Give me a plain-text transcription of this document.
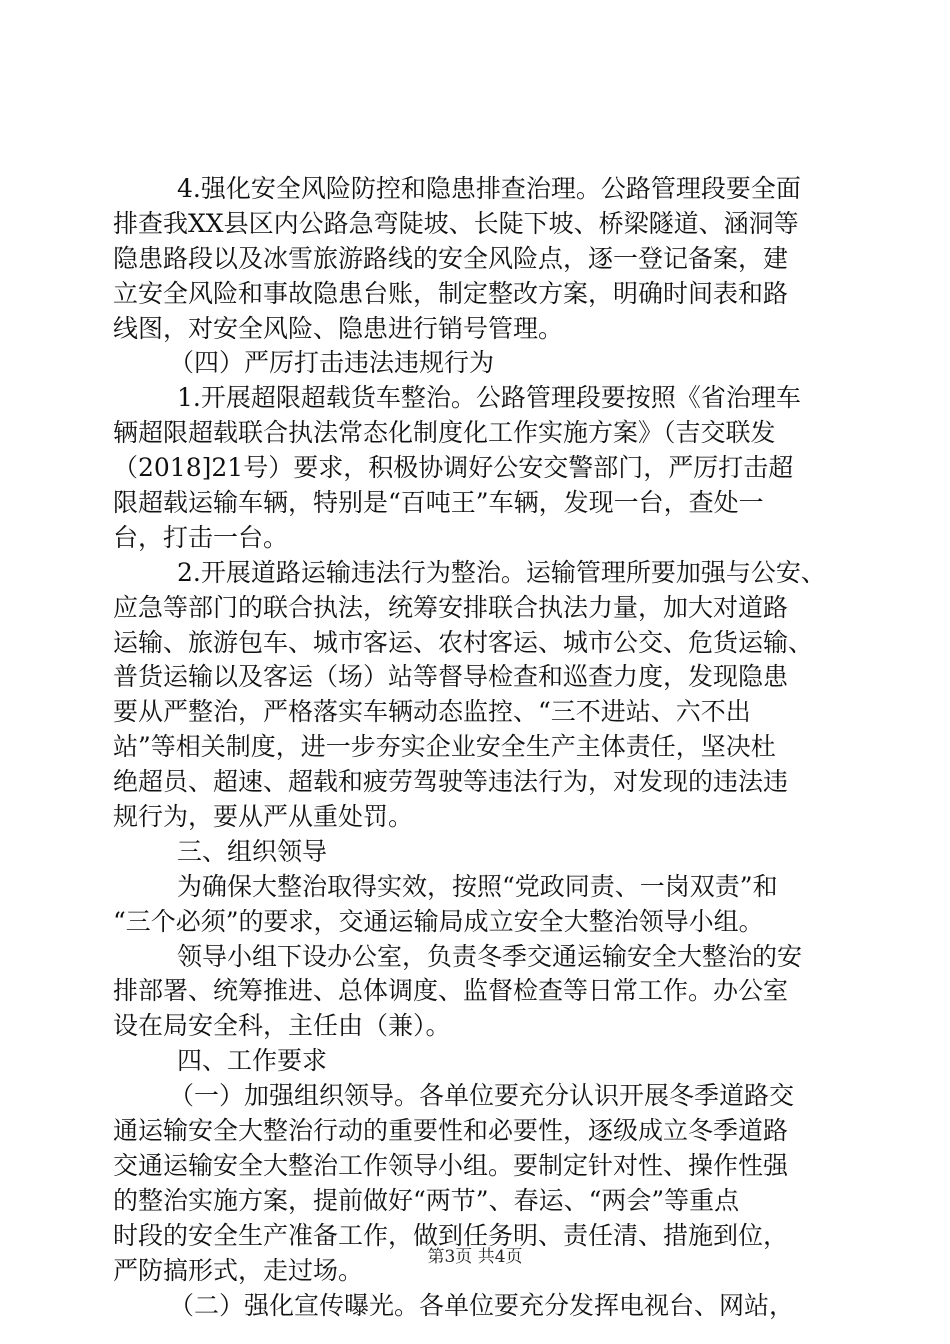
4.强化安全风险防控和隐患排查治理。公路管理段要全面
排查我XX县区内公路急弯陡坡、长陡下坡、桥梁隧道、涵洞等
隐患路段以及冰雪旅游路线的安全风险点，逐一登记备案，建
立安全风险和事故隐患台账，制定整改方案，明确时间表和路
线图，对安全风险、隐患进行销号管理。
（四）严厉打击违法违规行为
1.开展超限超载货车整治。公路管理段要按照《省治理车
辆超限超载联合执法常态化制度化工作实施方案》（吉交联发
（2018]21号）要求，积极协调好公安交警部门，严厉打击超
限超载运输车辆，特别是“百吨王”车辆，发现一台，查处一
台，打击一台。
2.开展道路运输违法行为整治。运输管理所要加强与公安、
应急等部门的联合执法，统筹安排联合执法力量，加大对道路
运输、旅游包车、城市客运、农村客运、城市公交、危货运输、
普货运输以及客运（场）站等督导检查和巡查力度，发现隐患
要从严整治，严格落实车辆动态监控、“三不进站、六不出
站”等相关制度，进一步夯实企业安全生产主体责任，坚决杜
绝超员、超速、超载和疲劳驾驶等违法行为，对发现的违法违
规行为，要从严从重处罚。
三、组织领导
为确保大整治取得实效，按照“党政同责、一岗双责”和
“三个必须”的要求，交通运输局成立安全大整治领导小组。
领导小组下设办公室，负责冬季交通运输安全大整治的安
排部署、统筹推进、总体调度、监督检查等日常工作。办公室
设在局安全科，主任由（兼）。
四、工作要求
（一）加强组织领导。各单位要充分认识开展冬季道路交
通运输安全大整治行动的重要性和必要性，逐级成立冬季道路
交通运输安全大整治工作领导小组。要制定针对性、操作性强
的整治实施方案，提前做好“两节”、春运、“两会”等重点
时段的安全生产准备工作，做到任务明、责任清、措施到位，
严防搞形式，走过场。
（二）强化宣传曝光。各单位要充分发挥电视台、网站，
第3页 共4页
